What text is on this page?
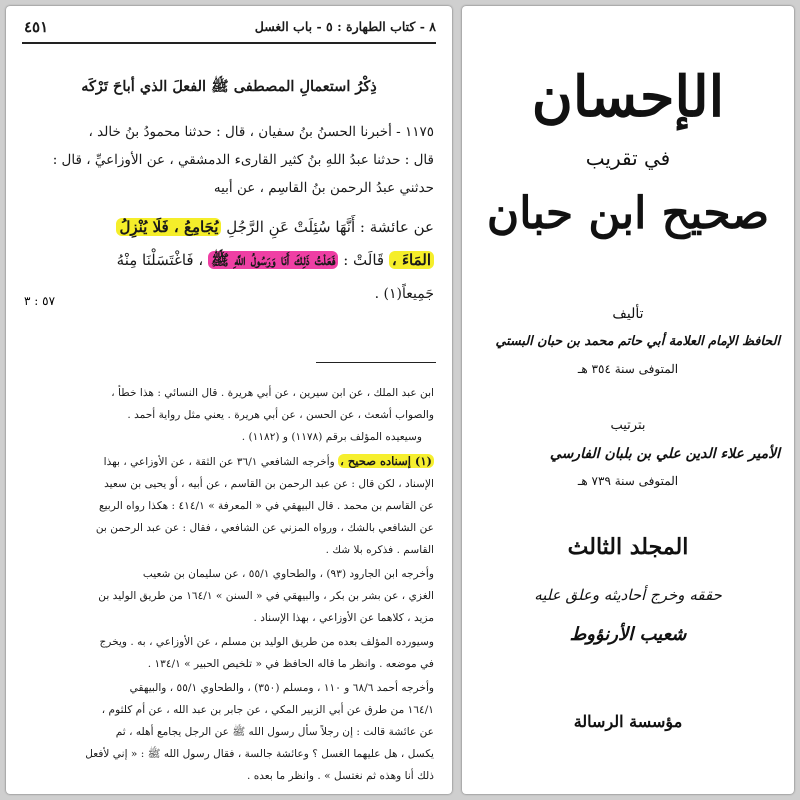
٤٥١	٨ - كتاب الطهارة : ٥ - باب الغسل
ذِكْرُ استعمالِ المصطفى ﷺ الفعلَ الذي أباحَ تَرْكَه
١١٧٥ - أخبرنا الحسنُ بنُ سفيان ، قال : حدثنا محمودُ بنُ خالد ،
قال : حدثنا عبدُ اللهِ بنُ كثير القارىء الدمشقي ، عن الأوزاعيِّ ، قال :
حدثني عبدُ الرحمن بنُ القاسِم ، عن أبيه
عن عائشة : أَنَّهَا سُئِلَتْ عَنِ الرَّجُلِ يُجَامِعُ ، فَلَا يُنْزِلُ
المَاءَ ، قَالَتْ : فَعَلْتُ ذَلِكَ أَنَا وَرَسُولُ اللَّهِ ﷺ ، فَاغْتَسَلْنَا مِنْهُ
جَمِيعاً(١) .
٥٧ : ٣
ابن عبد الملك ، عن ابن سيرين ، عن أبي هريرة . قال النسائي : هذا خطأ ،
والصواب أشعث ، عن الحسن ، عن أبي هريرة . يعني مثل رواية أحمد .
وسيعيده المؤلف برقم (١١٧٨) و (١١٨٢) .
(١) إسناده صحيح ، وأخرجه الشافعي ٣٦/١ عن الثقة ، عن الأوزاعي ، بهذا
الإسناد ، لكن قال : عن عبد الرحمن بن القاسم ، عن أبيه ، أو يحيى بن سعيد
عن القاسم بن محمد . قال البيهقي في « المعرفة » ٤١٤/١ : هكذا رواه الربيع
عن الشافعي بالشك ، ورواه المزني عن الشافعي ، فقال : عن عبد الرحمن بن
القاسم . فذكره بلا شك .
وأخرجه ابن الجارود (٩٣) ، والطحاوي ٥٥/١ ، عن سليمان بن شعيب
الغزي ، عن بشر بن بكر ، والبيهقي في « السنن » ١٦٤/١ من طريق الوليد بن
مزيد ، كلاهما عن الأوزاعي ، بهذا الإسناد .
وسيورده المؤلف بعده من طريق الوليد بن مسلم ، عن الأوزاعي ، به . ويخرج
في موضعه . وانظر ما قاله الحافظ في « تلخيص الحبير » ١٣٤/١ .
وأخرجه أحمد ٦٨/٦ و ١١٠ ، ومسلم (٣٥٠) ، والطحاوي ٥٥/١ ، والبيهقي
١٦٤/١ من طرق عن أبي الزبير المكي ، عن جابر بن عبد الله ، عن أم كلثوم ،
عن عائشة قالت : إن رجلاً سأل رسول الله ﷺ عن الرجل يجامع أهله ، ثم
يكسل ، هل عليهما الغسل ؟ وعائشة جالسة ، فقال رسول الله ﷺ : « إني لأفعل
ذلك أنا وهذه ثم نغتسل » . وانظر ما بعده .
الإحسان
في تقريب
صحيح ابن حبان
تأليف
الحافظ الإمام العلامة أبي حاتم محمد بن حبان البستي
المتوفى سنة ٣٥٤ هـ
بترتيب
الأمير علاء الدين علي بن بلبان الفارسي
المتوفى سنة ٧٣٩ هـ
المجلد الثالث
حققه وخرج أحاديثه وعلق عليه
شعيب الأرنؤوط
مؤسسة الرسالة
